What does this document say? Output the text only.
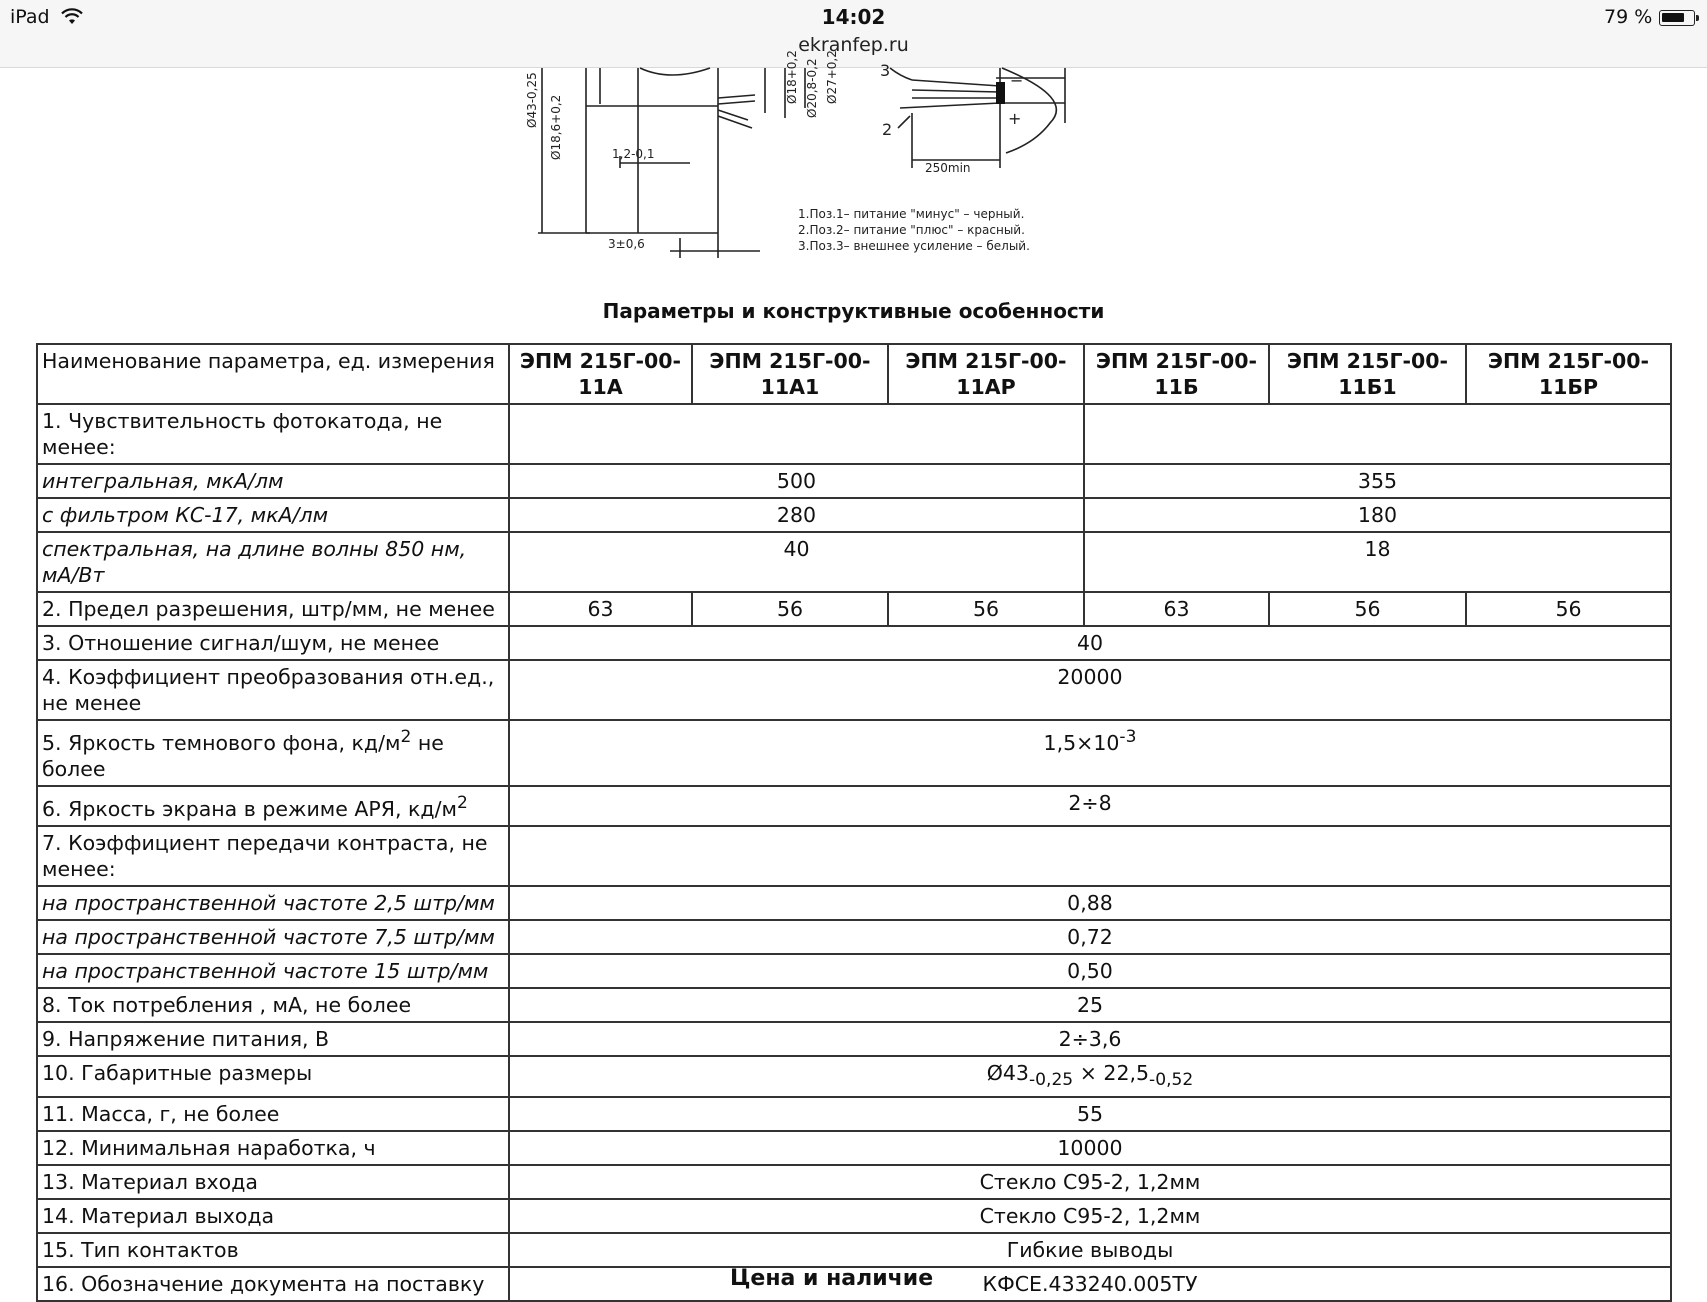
iPad	14:02	79 %
ekranfep.ru
Ø43-0,25 Ø18,6+0,2	1,2-0,1
3±0,6
Ø18+0,2 Ø20,8-0,2 Ø27+0,2
250min
3
2
−
+
1.Поз.1– питание "минус" – черный.
2.Поз.2– питание "плюс" – красный.
3.Поз.3– внешнее усиление – белый.
Параметры и конструктивные особенности
Наименование параметра, ед. измерения	ЭПМ 215Г-00-11А	ЭПМ 215Г-00-11А1	ЭПМ 215Г-00-11АР	ЭПМ 215Г-00-11Б	ЭПМ 215Г-00-11Б1	ЭПМ 215Г-00-11БР
1. Чувствительность фотокатода, не менее:						
интегральная, мкА/лм	500			355		
с фильтром КС-17, мкА/лм	280			180		
спектральная, на длине волны 850 нм, мА/Вт	40			18		
2. Предел разрешения, штр/мм, не менее	63	56	56	63	56	56
3. Отношение сигнал/шум, не менее	40					
4. Коэффициент преобразования отн.ед., не менее	20000					
5. Яркость темнового фона, $кд/м^2$ не более	$1,5\times 10^{-3}$
6. Яркость экрана в режиме АРЯ, $кд/м^2$	2÷8					
7. Коэффициент передачи контраста, не менее:						
на пространственной частоте 2,5 штр/мм	0,88					
на пространственной частоте 7,5 штр/мм	0,72					
на пространственной частоте 15 штр/мм	0,50					
8. Ток потребления , мА, не более	25					
9. Напряжение питания, В	2÷3,6					
10. Габаритные размеры	$Ø43_{-0,25} \times 22,5_{-0,52}$
11. Масса, г, не более	55					
12. Минимальная наработка, ч	10000					
13. Материал входа	Стекло С95-2, 1,2мм					
14. Материал выхода	Стекло С95-2, 1,2мм					
15. Тип контактов	Гибкие выводы					
16. Обозначение документа на поставку	КФСЕ.433240.005ТУ					
Цена и наличие
